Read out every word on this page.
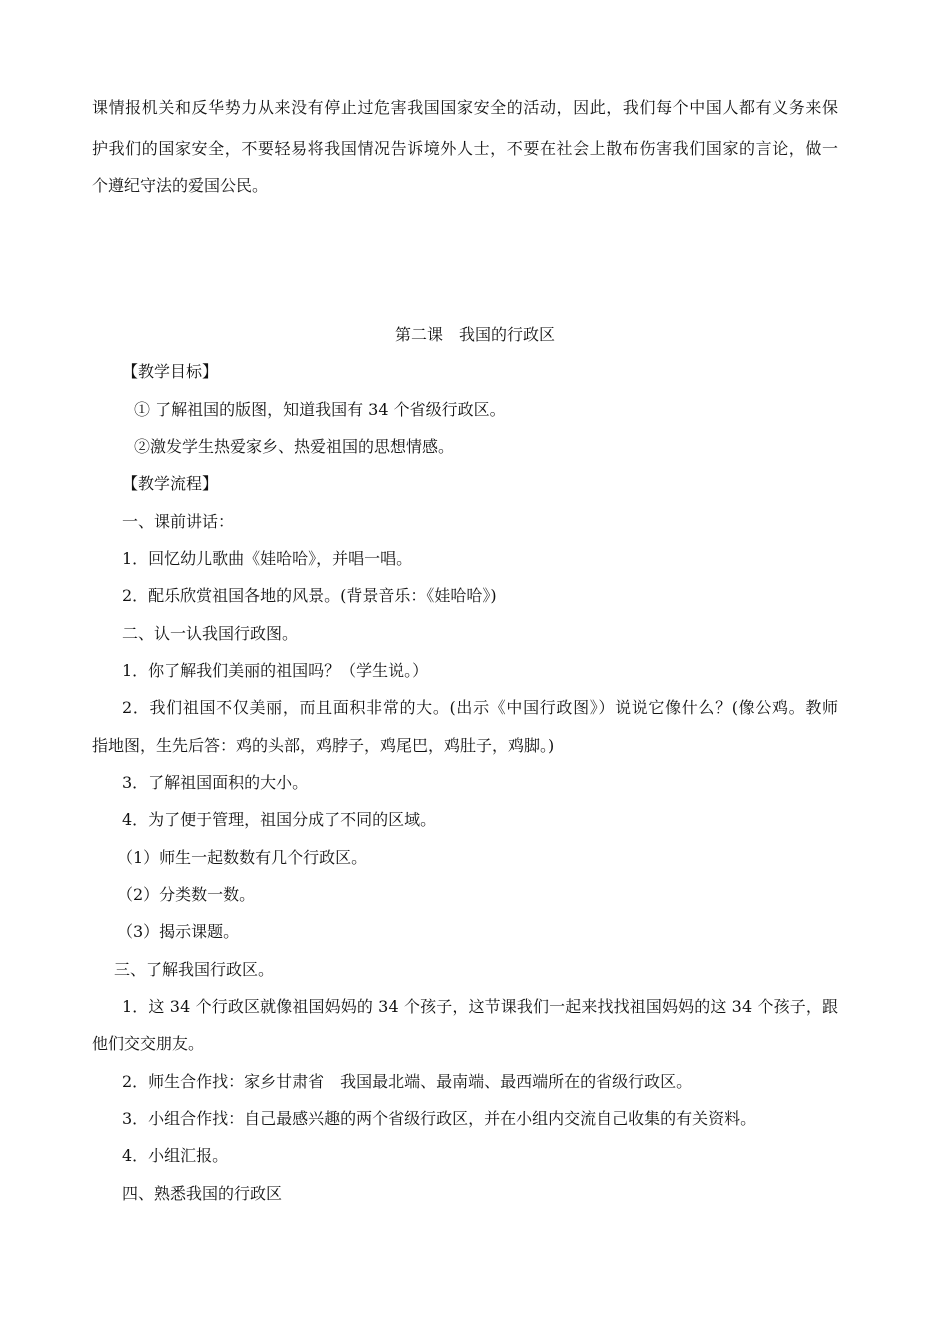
课情报机关和反华势力从来没有停止过危害我国国家安全的活动，因此，我们每个中国人都有义务来保

护我们的国家安全，不要轻易将我国情况告诉境外人士，不要在社会上散布伤害我们国家的言论，做一

个遵纪守法的爱国公民。

第二课　我国的行政区

【教学目标】

① 了解祖国的版图，知道我国有 34 个省级行政区。

②激发学生热爱家乡、热爱祖国的思想情感。

【教学流程】

一、课前讲话：

1．回忆幼儿歌曲《娃哈哈》，并唱一唱。

2．配乐欣赏祖国各地的风景。(背景音乐：《娃哈哈》)

二、认一认我国行政图。

1．你了解我们美丽的祖国吗？（学生说。）

2．我们祖国不仅美丽，而且面积非常的大。(出示《中国行政图》）说说它像什么？(像公鸡。教师

指地图，生先后答：鸡的头部，鸡脖子，鸡尾巴，鸡肚子，鸡脚。)

3．了解祖国面积的大小。

4．为了便于管理，祖国分成了不同的区域。

（1）师生一起数数有几个行政区。

（2）分类数一数。

（3）揭示课题。

三、了解我国行政区。

1．这 34 个行政区就像祖国妈妈的 34 个孩子，这节课我们一起来找找祖国妈妈的这 34 个孩子，跟

他们交交朋友。

2．师生合作找：家乡甘肃省　我国最北端、最南端、最西端所在的省级行政区。

3．小组合作找：自己最感兴趣的两个省级行政区，并在小组内交流自己收集的有关资料。

4．小组汇报。

四、熟悉我国的行政区
